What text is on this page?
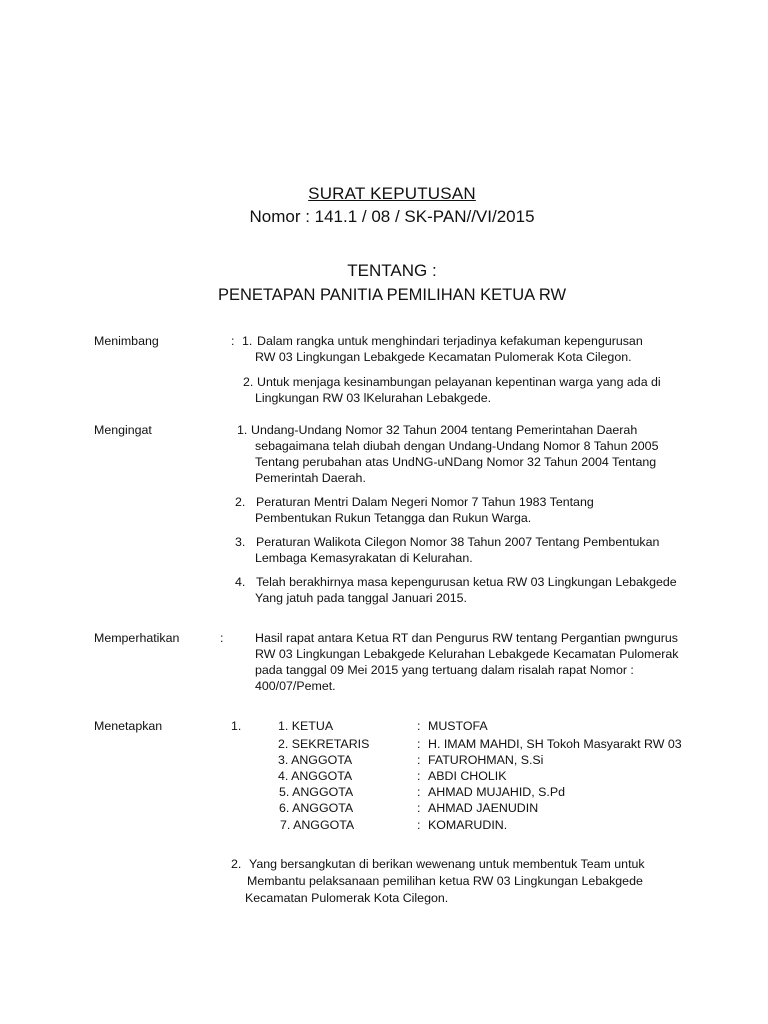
SURAT KEPUTUSAN
Nomor : 141.1 / 08 / SK-PAN//VI/2015
TENTANG :
PENETAPAN PANITIA PEMILIHAN KETUA RW
Menimbang	: 1. Dalam rangka untuk menghindari terjadinya kefakuman kepengurusan
RW 03 Lingkungan Lebakgede Kecamatan Pulomerak Kota Cilegon.
2. Untuk menjaga kesinambungan pelayanan kepentinan warga yang ada di
Lingkungan RW 03 lKelurahan Lebakgede.
Mengingat	1. Undang-Undang Nomor 32 Tahun 2004 tentang Pemerintahan Daerah
sebagaimana telah diubah dengan Undang-Undang Nomor 8 Tahun 2005
Tentang perubahan atas UndNG-uNDang Nomor 32 Tahun 2004 Tentang
Pemerintah Daerah.
2. Peraturan Mentri Dalam Negeri Nomor 7 Tahun 1983 Tentang
Pembentukan Rukun Tetangga dan Rukun Warga.
3. Peraturan Walikota Cilegon Nomor 38 Tahun 2007 Tentang Pembentukan
Lembaga Kemasyrakatan di Kelurahan.
4. Telah berakhirnya masa kepengurusan ketua RW 03 Lingkungan Lebakgede
Yang jatuh pada tanggal Januari 2015.
Memperhatikan	:	Hasil rapat antara Ketua RT dan Pengurus RW tentang Pergantian pwngurus
RW 03 Lingkungan Lebakgede Kelurahan Lebakgede Kecamatan Pulomerak
pada tanggal 09 Mei 2015 yang tertuang dalam risalah rapat Nomor :
400/07/Pemet.
Menetapkan	1.	1. KETUA	: MUSTOFA
2. SEKRETARIS	: H. IMAM MAHDI, SH Tokoh Masyarakt RW 03
3. ANGGOTA	: FATUROHMAN, S.Si
4. ANGGOTA	: ABDI CHOLIK
5. ANGGOTA	: AHMAD MUJAHID, S.Pd
6. ANGGOTA	: AHMAD JAENUDIN
7. ANGGOTA	: KOMARUDIN.
2. Yang bersangkutan di berikan wewenang untuk membentuk Team untuk
Membantu pelaksanaan pemilihan ketua RW 03 Lingkungan Lebakgede
Kecamatan Pulomerak Kota Cilegon.
